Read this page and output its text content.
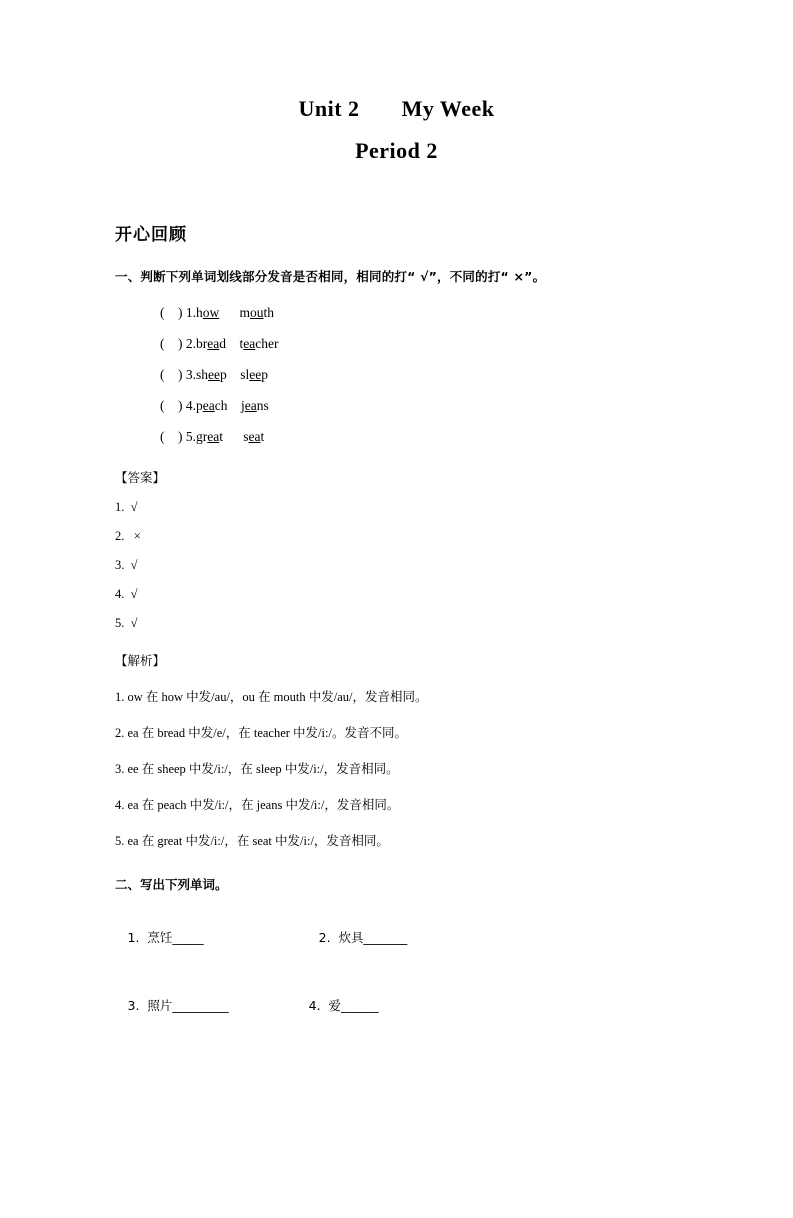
Unit 2 My Week
Period 2
开心回顾
一、判断下列单词划线部分发音是否相同，相同的打“ √”，不同的打“ ×”。
(    ) 1.how mouth
(    ) 2.bread teacher
(    ) 3.sheep sleep
(    ) 4.peach jeans
(    ) 5.great seat
【答案】
1.  √
2.   ×
3.  √
4.  √
5.  √
【解析】
1. ow 在 how 中发/au/，ou 在 mouth 中发/au/，发音相同。
2. ea 在 bread 中发/e/，在 teacher 中发/i:/。发音不同。
3. ee 在 sheep 中发/i:/，在 sleep 中发/i:/，发音相同。
4. ea 在 peach 中发/i:/，在 jeans 中发/i:/，发音相同。
5. ea 在 great 中发/i:/，在 seat 中发/i:/，发音相同。
二、写出下列单词。

1.  烹饪_____	2.  炊具_______

3.  照片_________	4.  爱______
